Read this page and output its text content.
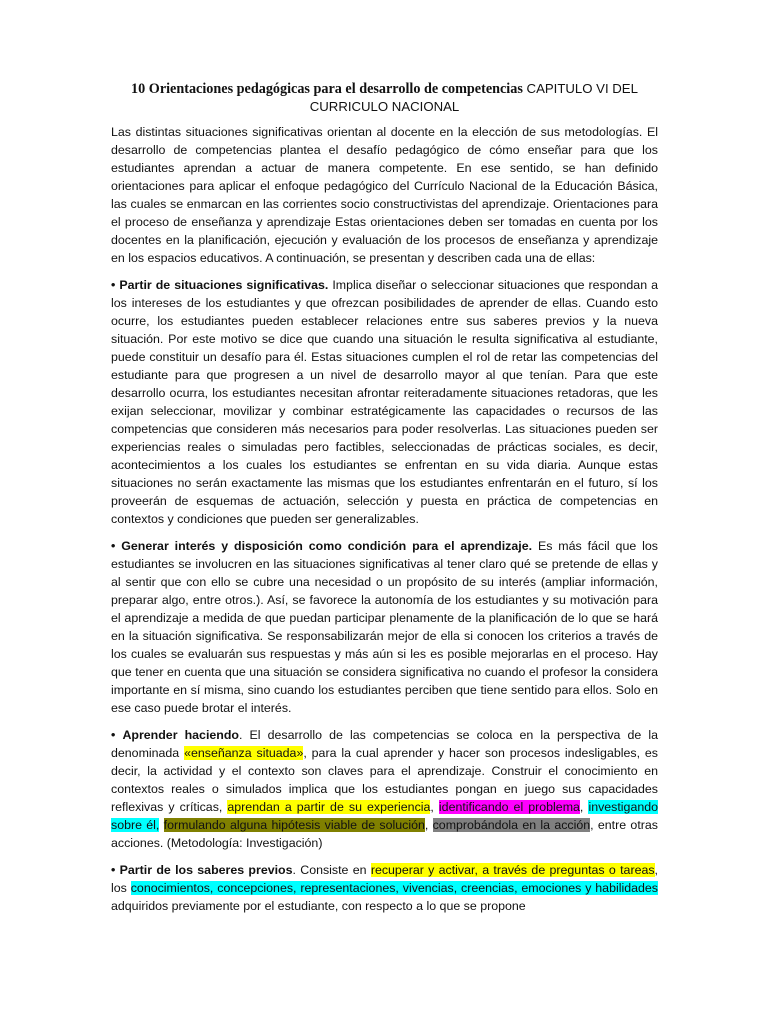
10 Orientaciones pedagógicas para el desarrollo de competencias CAPITULO VI DEL CURRICULO NACIONAL

Las distintas situaciones significativas orientan al docente en la elección de sus metodologías. El desarrollo de competencias plantea el desafío pedagógico de cómo enseñar para que los estudiantes aprendan a actuar de manera competente. En ese sentido, se han definido orientaciones para aplicar el enfoque pedagógico del Currículo Nacional de la Educación Básica, las cuales se enmarcan en las corrientes socio constructivistas del aprendizaje. Orientaciones para el proceso de enseñanza y aprendizaje Estas orientaciones deben ser tomadas en cuenta por los docentes en la planificación, ejecución y evaluación de los procesos de enseñanza y aprendizaje en los espacios educativos. A continuación, se presentan y describen cada una de ellas:

• Partir de situaciones significativas. Implica diseñar o seleccionar situaciones que respondan a los intereses de los estudiantes y que ofrezcan posibilidades de aprender de ellas. Cuando esto ocurre, los estudiantes pueden establecer relaciones entre sus saberes previos y la nueva situación. Por este motivo se dice que cuando una situación le resulta significativa al estudiante, puede constituir un desafío para él. Estas situaciones cumplen el rol de retar las competencias del estudiante para que progresen a un nivel de desarrollo mayor al que tenían. Para que este desarrollo ocurra, los estudiantes necesitan afrontar reiteradamente situaciones retadoras, que les exijan seleccionar, movilizar y combinar estratégicamente las capacidades o recursos de las competencias que consideren más necesarios para poder resolverlas. Las situaciones pueden ser experiencias reales o simuladas pero factibles, seleccionadas de prácticas sociales, es decir, acontecimientos a los cuales los estudiantes se enfrentan en su vida diaria. Aunque estas situaciones no serán exactamente las mismas que los estudiantes enfrentarán en el futuro, sí los proveerán de esquemas de actuación, selección y puesta en práctica de competencias en contextos y condiciones que pueden ser generalizables.

• Generar interés y disposición como condición para el aprendizaje. Es más fácil que los estudiantes se involucren en las situaciones significativas al tener claro qué se pretende de ellas y al sentir que con ello se cubre una necesidad o un propósito de su interés (ampliar información, preparar algo, entre otros.). Así, se favorece la autonomía de los estudiantes y su motivación para el aprendizaje a medida de que puedan participar plenamente de la planificación de lo que se hará en la situación significativa. Se responsabilizarán mejor de ella si conocen los criterios a través de los cuales se evaluarán sus respuestas y más aún si les es posible mejorarlas en el proceso. Hay que tener en cuenta que una situación se considera significativa no cuando el profesor la considera importante en sí misma, sino cuando los estudiantes perciben que tiene sentido para ellos. Solo en ese caso puede brotar el interés.

• Aprender haciendo. El desarrollo de las competencias se coloca en la perspectiva de la denominada «enseñanza situada», para la cual aprender y hacer son procesos indesligables, es decir, la actividad y el contexto son claves para el aprendizaje. Construir el conocimiento en contextos reales o simulados implica que los estudiantes pongan en juego sus capacidades reflexivas y críticas, aprendan a partir de su experiencia, identificando el problema, investigando sobre él, formulando alguna hipótesis viable de solución, comprobándola en la acción, entre otras acciones. (Metodología: Investigación)

• Partir de los saberes previos. Consiste en recuperar y activar, a través de preguntas o tareas, los conocimientos, concepciones, representaciones, vivencias, creencias, emociones y habilidades adquiridos previamente por el estudiante, con respecto a lo que se propone
